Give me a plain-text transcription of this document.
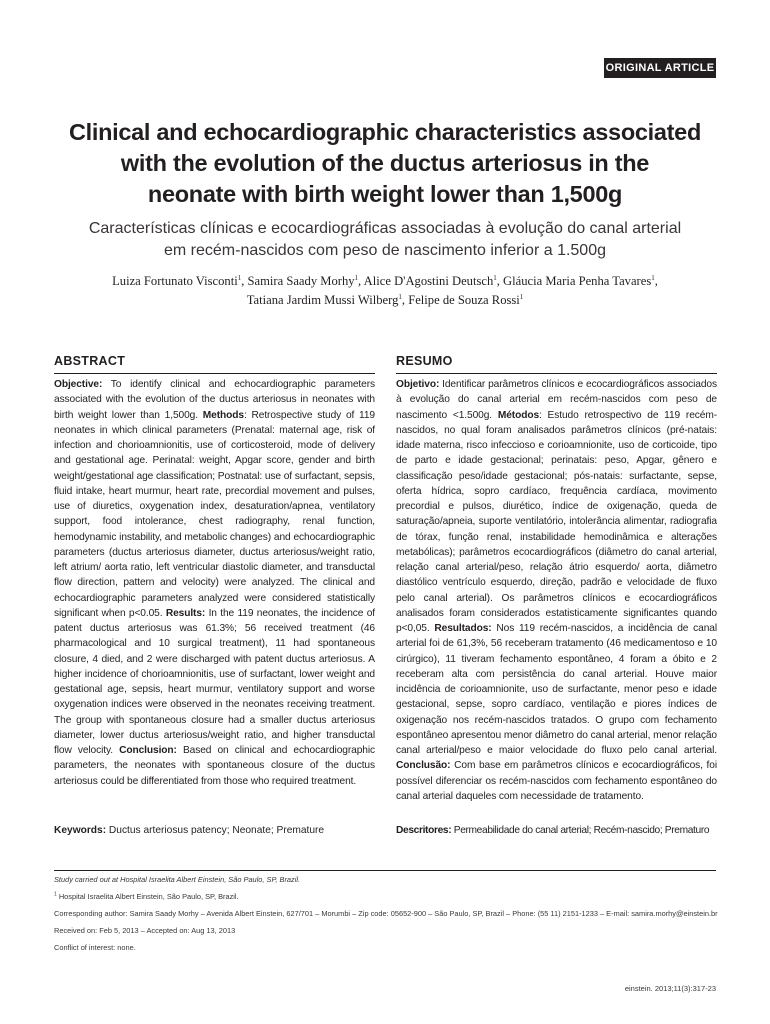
ORIGINAL ARTICLE
Clinical and echocardiographic characteristics associated
with the evolution of the ductus arteriosus in the
neonate with birth weight lower than 1,500g
Características clínicas e ecocardiográficas associadas à evolução do canal arterial
em recém-nascidos com peso de nascimento inferior a 1.500g
Luiza Fortunato Visconti$^1$, Samira Saady Morhy$^1$, Alice D'Agostini Deutsch$^1$, Gláucia Maria Penha Tavares$^1$,
Tatiana Jardim Mussi Wilberg$^1$, Felipe de Souza Rossi$^1$
ABSTRACT

Objective: To identify clinical and echocardiographic parameters associated with the evolution of the ductus arteriosus in neonates with birth weight lower than 1,500g. Methods: Retrospective study of 119 neonates in which clinical parameters (Prenatal: maternal age, risk of infection and chorioamnionitis, use of corticosteroid, mode of delivery and gestational age. Perinatal: weight, Apgar score, gender and birth weight/gestational age classification; Postnatal: use of surfactant, sepsis, fluid intake, heart murmur, heart rate, precordial movement and pulses, use of diuretics, oxygenation index, desaturation/apnea, ventilatory support, food intolerance, chest radiography, renal function, hemodynamic instability, and metabolic changes) and echocardiographic parameters (ductus arteriosus diameter, ductus arteriosus/weight ratio, left atrium/ aorta ratio, left ventricular diastolic diameter, and transductal flow direction, pattern and velocity) were analyzed. The clinical and echocardiographic parameters analyzed were considered statistically significant when p<0.05. Results: In the 119 neonates, the incidence of patent ductus arteriosus was 61.3%; 56 received treatment (46 pharmacological and 10 surgical treatment), 11 had spontaneous closure, 4 died, and 2 were discharged with patent ductus arteriosus. A higher incidence of chorioamnionitis, use of surfactant, lower weight and gestational age, sepsis, heart murmur, ventilatory support and worse oxygenation indices were observed in the neonates receiving treatment. The group with spontaneous closure had a smaller ductus arteriosus diameter, lower ductus arteriosus/weight ratio, and higher transductal flow velocity. Conclusion: Based on clinical and echocardiographic parameters, the neonates with spontaneous closure of the ductus arteriosus could be differentiated from those who required treatment.

RESUMO

Objetivo: Identificar parâmetros clínicos e ecocardiográficos associados à evolução do canal arterial em recém-nascidos com peso de nascimento <1.500g. Métodos: Estudo retrospectivo de 119 recém-nascidos, no qual foram analisados parâmetros clínicos (pré-natais: idade materna, risco infeccioso e corioamnionite, uso de corticoide, tipo de parto e idade gestacional; perinatais: peso, Apgar, gênero e classificação peso/idade gestacional; pós-natais: surfactante, sepse, oferta hídrica, sopro cardíaco, frequência cardíaca, movimento precordial e pulsos, diurético, índice de oxigenação, queda de saturação/apneia, suporte ventilatório, intolerância alimentar, radiografia de tórax, função renal, instabilidade hemodinâmica e alterações metabólicas); parâmetros ecocardiográficos (diâmetro do canal arterial, relação canal arterial/peso, relação átrio esquerdo/ aorta, diâmetro diastólico ventrículo esquerdo, direção, padrão e velocidade de fluxo pelo canal arterial). Os parâmetros clínicos e ecocardiográficos analisados foram considerados estatisticamente significantes quando p<0,05. Resultados: Nos 119 recém-nascidos, a incidência de canal arterial foi de 61,3%, 56 receberam tratamento (46 medicamentoso e 10 cirúrgico), 11 tiveram fechamento espontâneo, 4 foram a óbito e 2 receberam alta com persistência do canal arterial. Houve maior incidência de corioamnionite, uso de surfactante, menor peso e idade gestacional, sepse, sopro cardíaco, ventilação e piores índices de oxigenação nos recém-nascidos tratados. O grupo com fechamento espontâneo apresentou menor diâmetro do canal arterial, menor relação canal arterial/peso e maior velocidade do fluxo pelo canal arterial. Conclusão: Com base em parâmetros clínicos e ecocardiográficos, foi possível diferenciar os recém-nascidos com fechamento espontâneo do canal arterial daqueles com necessidade de tratamento.

Keywords: Ductus arteriosus patency; Neonate; Premature	Descritores: Permeabilidade do canal arterial; Recém-nascido; Prematuro

Study carried out at Hospital Israelita Albert Einstein, São Paulo, SP, Brazil.

$^1$ Hospital Israelita Albert Einstein, São Paulo, SP, Brazil.

Corresponding author: Samira Saady Morhy – Avenida Albert Einstein, 627/701 – Morumbi – Zip code: 05652-900 – São Paulo, SP, Brazil – Phone: (55 11) 2151-1233 – E-mail: samira.morhy@einstein.br

Received on: Feb 5, 2013 – Accepted on: Aug 13, 2013

Conflict of interest: none.

einstein. 2013;11(3):317-23
